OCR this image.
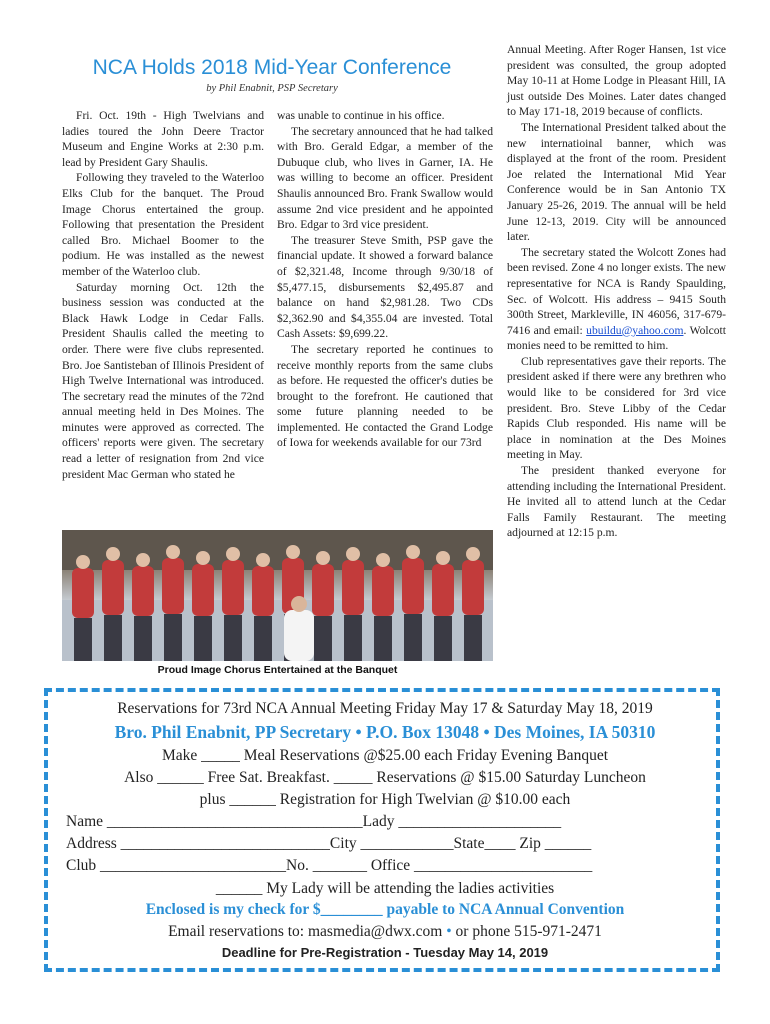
NCA Holds 2018 Mid-Year Conference
by Phil Enabnit, PSP Secretary

Fri. Oct. 19th - High Twelvians and ladies toured the John Deere Tractor Museum and Engine Works at 2:30 p.m. lead by President Gary Shaulis.

Following they traveled to the Waterloo Elks Club for the banquet. The Proud Image Chorus entertained the group. Following that presentation the President called Bro. Michael Boomer to the podium. He was installed as the newest member of the Waterloo club.

Saturday morning Oct. 12th the business session was conducted at the Black Hawk Lodge in Cedar Falls. President Shaulis called the meeting to order. There were five clubs represented. Bro. Joe Santisteban of Illinois President of High Twelve International was introduced. The secretary read the minutes of the 72nd annual meeting held in Des Moines. The minutes were approved as corrected. The officers' reports were given. The secretary read a letter of resignation from 2nd vice president Mac German who stated he

was unable to continue in his office.

The secretary announced that he had talked with Bro. Gerald Edgar, a member of the Dubuque club, who lives in Garner, IA. He was willing to become an officer. President Shaulis announced Bro. Frank Swallow would assume 2nd vice president and he appointed Bro. Edgar to 3rd vice president.

The treasurer Steve Smith, PSP gave the financial update. It showed a forward balance of $2,321.48, Income through 9/30/18 of $5,477.15, disbursements $2,495.87 and balance on hand $2,981.28. Two CDs $2,362.90 and $4,355.04 are invested. Total Cash Assets: $9,699.22.

The secretary reported he continues to receive monthly reports from the same clubs as before. He requested the officer's duties be brought to the forefront. He cautioned that some future planning needed to be implemented. He contacted the Grand Lodge of Iowa for weekends available for our 73rd

Annual Meeting. After Roger Hansen, 1st vice president was consulted, the group adopted May 10-11 at Home Lodge in Pleasant Hill, IA just outside Des Moines. Later dates changed to May 171-18, 2019 because of conflicts.

The International President talked about the new internatioinal banner, which was displayed at the front of the room. President Joe related the International Mid Year Conference would be in San Antonio TX January 25-26, 2019. The annual will be held June 12-13, 2019. City will be announced later.

The secretary stated the Wolcott Zones had been revised. Zone 4 no longer exists. The new representative for NCA is Randy Spaulding, Sec. of Wolcott. His address – 9415 South 300th Street, Markleville, IN 46056, 317-679-7416 and email: ubuildu@yahoo.com. Wolcott monies need to be remitted to him.

Club representatives gave their reports. The president asked if there were any brethren who would like to be considered for 3rd vice president. Bro. Steve Libby of the Cedar Rapids Club responded. His name will be place in nomination at the Des Moines meeting in May.

The president thanked everyone for attending including the International President. He invited all to attend lunch at the Cedar Falls Family Restaurant. The meeting adjourned at 12:15 p.m.

Proud Image Chorus Entertained at the Banquet
Reservations for 73rd NCA Annual Meeting Friday May 17 & Saturday May 18, 2019
Bro. Phil Enabnit, PP Secretary • P.O. Box 13048 • Des Moines, IA 50310
Make _____ Meal Reservations @$25.00 each Friday Evening Banquet
Also ______ Free Sat. Breakfast. _____ Reservations @ $15.00 Saturday Luncheon
plus ______ Registration for High Twelvian @ $10.00 each
Name _________________________________Lady _____________________
Address ___________________________City ____________State____ Zip ______
Club ________________________No. _______ Office _______________________
______ My Lady will be attending the ladies activities
Enclosed is my check for $________ payable to NCA Annual Convention
Email reservations to: masmedia@dwx.com • or phone 515-971-2471
Deadline for Pre-Registration - Tuesday May 14, 2019
